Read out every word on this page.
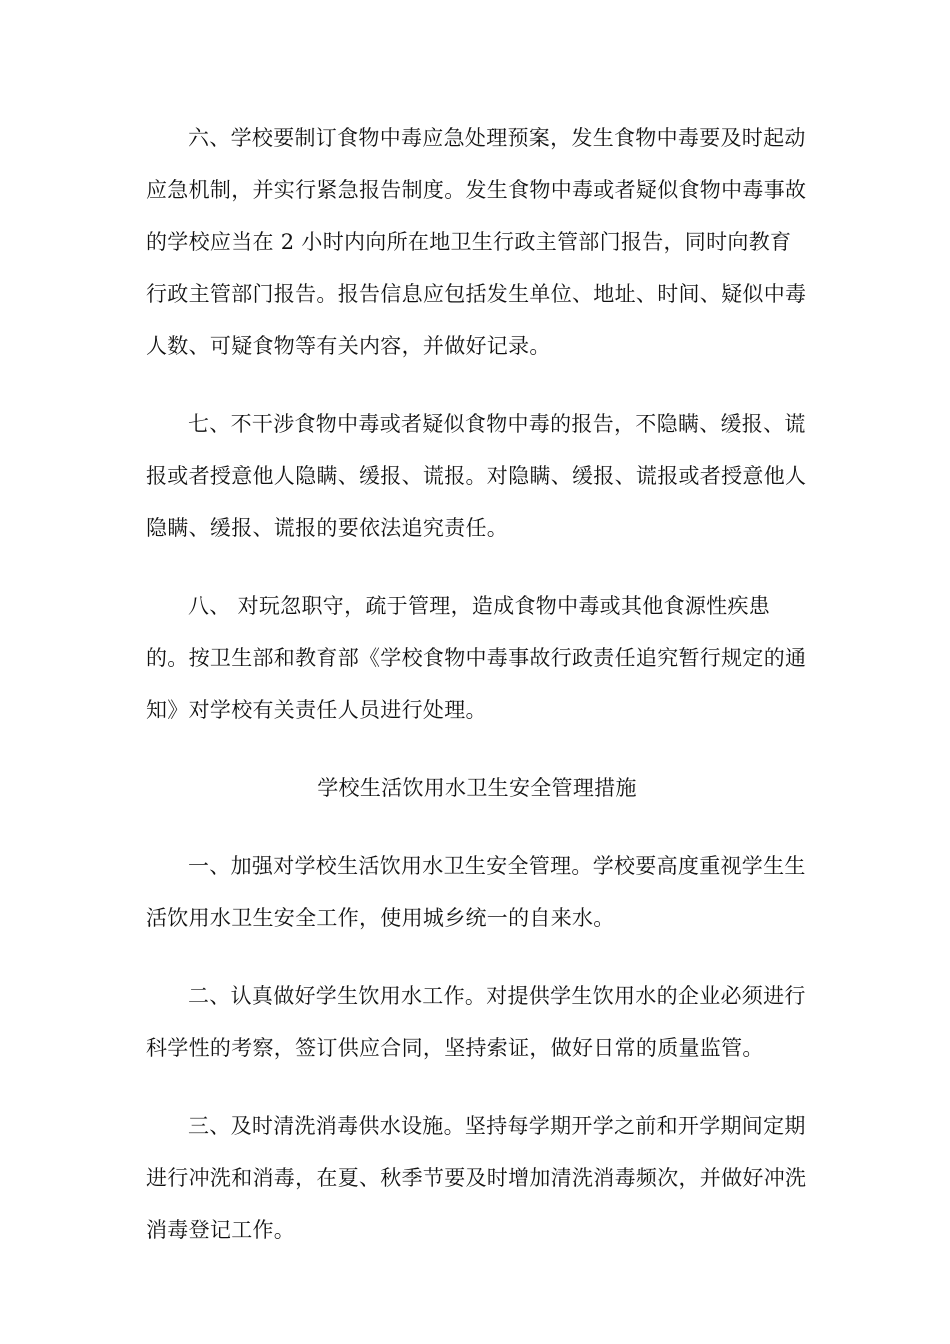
六、学校要制订食物中毒应急处理预案，发生食物中毒要及时起动应急机制，并实行紧急报告制度。发生食物中毒或者疑似食物中毒事故的学校应当在 2 小时内向所在地卫生行政主管部门报告，同时向教育行政主管部门报告。报告信息应包括发生单位、地址、时间、疑似中毒人数、可疑食物等有关内容，并做好记录。

七、不干涉食物中毒或者疑似食物中毒的报告，不隐瞒、缓报、谎报或者授意他人隐瞒、缓报、谎报。对隐瞒、缓报、谎报或者授意他人隐瞒、缓报、谎报的要依法追究责任。

八、 对玩忽职守，疏于管理，造成食物中毒或其他食源性疾患的。按卫生部和教育部《学校食物中毒事故行政责任追究暂行规定的通知》对学校有关责任人员进行处理。

学校生活饮用水卫生安全管理措施

一、加强对学校生活饮用水卫生安全管理。学校要高度重视学生生活饮用水卫生安全工作，使用城乡统一的自来水。

二、认真做好学生饮用水工作。对提供学生饮用水的企业必须进行科学性的考察，签订供应合同，坚持索证，做好日常的质量监管。

三、及时清洗消毒供水设施。坚持每学期开学之前和开学期间定期进行冲洗和消毒，在夏、秋季节要及时增加清洗消毒频次，并做好冲洗消毒登记工作。
